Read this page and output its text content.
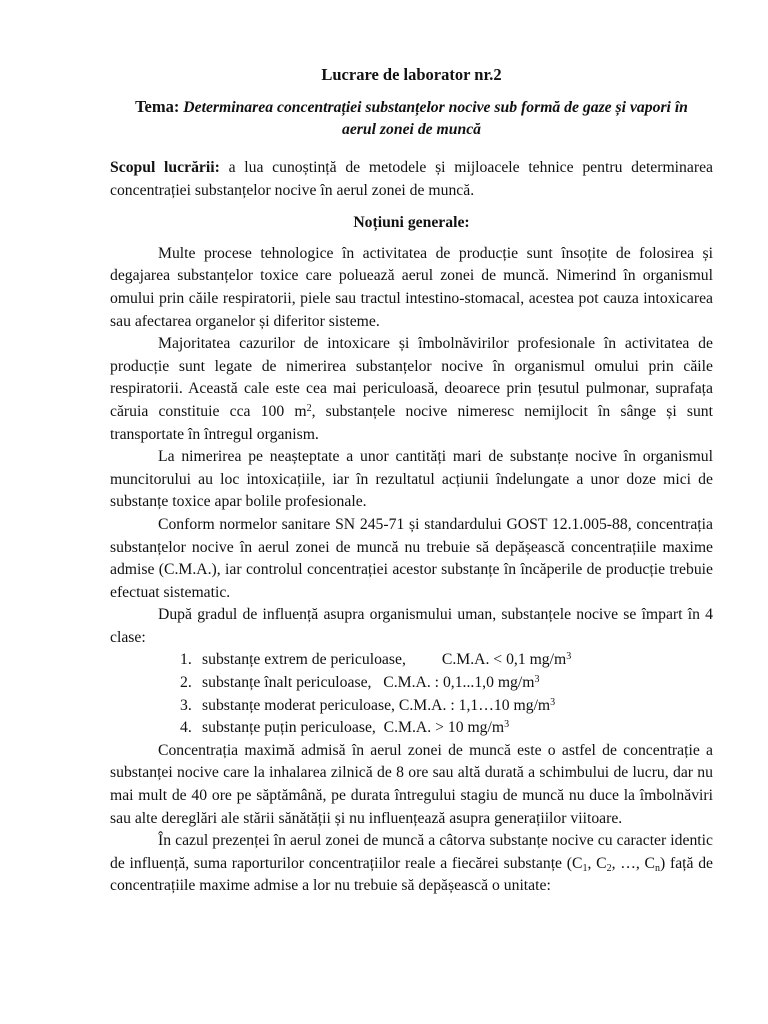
Lucrare de laborator nr.2
Tema: Determinarea concentrației substanțelor nocive sub formă de gaze și vapori în aerul zonei de muncă
Scopul lucrării: a lua cunoștință de metodele și mijloacele tehnice pentru determinarea concentrației substanțelor nocive în aerul zonei de muncă.
Noțiuni generale:

Multe procese tehnologice în activitatea de producție sunt însoțite de folosirea și degajarea substanțelor toxice care poluează aerul zonei de muncă. Nimerind în organismul omului prin căile respiratorii, piele sau tractul intestino-stomacal, acestea pot cauza intoxicarea sau afectarea organelor și diferitor sisteme.

Majoritatea cazurilor de intoxicare și îmbolnăvirilor profesionale în activitatea de producție sunt legate de nimerirea substanțelor nocive în organismul omului prin căile respiratorii. Această cale este cea mai periculoasă, deoarece prin țesutul pulmonar, suprafața căruia constituie cca 100 $m^2$, substanțele nocive nimeresc nemijlocit în sânge și sunt transportate în întregul organism.

La nimerirea pe neașteptate a unor cantități mari de substanțe nocive în organismul muncitorului au loc intoxicațiile, iar în rezultatul acțiunii îndelungate a unor doze mici de substanțe toxice apar bolile profesionale.

Conform normelor sanitare SN 245-71 și standardului GOST 12.1.005-88, concentrația substanțelor nocive în aerul zonei de muncă nu trebuie să depășească concentrațiile maxime admise (C.M.A.), iar controlul concentrației acestor substanțe în încăperile de producție trebuie efectuat sistematic.

După gradul de influență asupra organismului uman, substanțele nocive se împart în 4 clase:

1. substanțe extrem de periculoase, C.M.A. < 0,1 $mg/m^3$
2. substanțe înalt periculoase, C.M.A. : 0,1...1,0 $mg/m^3$
3. substanțe moderat periculoase, C.M.A. : 1,1…10 $mg/m^3$
4. substanțe puțin periculoase, C.M.A. > 10 $mg/m^3$

Concentrația maximă admisă în aerul zonei de muncă este o astfel de concentrație a substanței nocive care la inhalarea zilnică de 8 ore sau altă durată a schimbului de lucru, dar nu mai mult de 40 ore pe săptămână, pe durata întregului stagiu de muncă nu duce la îmbolnăviri sau alte dereglări ale stării sănătății și nu influențează asupra generațiilor viitoare.

În cazul prezenței în aerul zonei de muncă a câtorva substanțe nocive cu caracter identic de influență, suma raporturilor concentrațiilor reale a fiecărei substanțe ($C_1$, $C_2$, …, $C_n$) față de concentrațiile maxime admise a lor nu trebuie să depășească o unitate:
